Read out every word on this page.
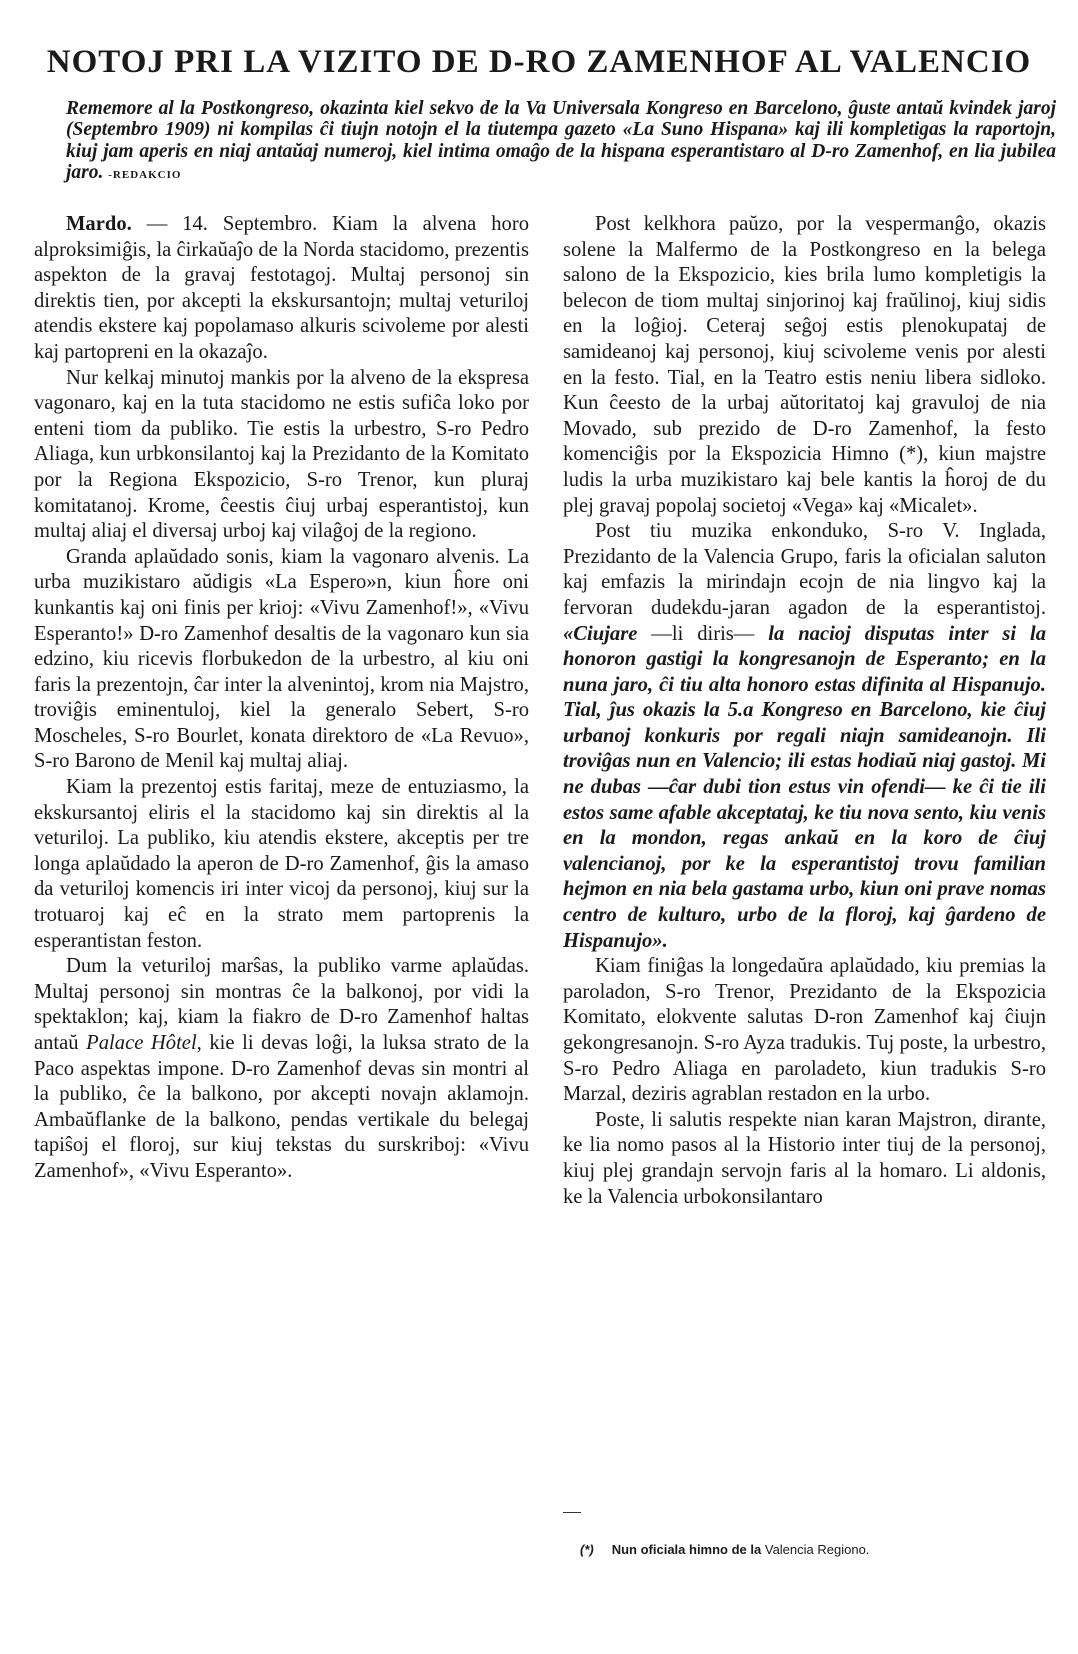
NOTOJ PRI LA VIZITO DE D-RO ZAMENHOF AL VALENCIO
Rememore al la Postkongreso, okazinta kiel sekvo de la Va Universala Kongreso en Barcelono, ĝuste antaŭ kvindek jaroj (Septembro 1909) ni kompilas ĉi tiujn notojn el la tiutempa gazeto «La Suno Hispana» kaj ili kompletigas la raportojn, kiuj jam aperis en niaj antaŭaj numeroj, kiel intima omaĝo de la hispana esperantistaro al D-ro Zamenhof, en lia jubilea jaro. -REDAKCIO

Mardo. — 14. Septembro. Kiam la alvena horo alproksimiĝis, la ĉirkaŭaĵo de la Norda stacidomo, prezentis aspekton de la gravaj festotagoj. Multaj personoj sin direktis tien, por akcepti la ekskursantojn; multaj veturiloj atendis ekstere kaj popolamaso alkuris scivoleme por alesti kaj partopreni en la okazaĵo.

Nur kelkaj minutoj mankis por la alveno de la ekspresa vagonaro, kaj en la tuta stacidomo ne estis sufiĉa loko por enteni tiom da publiko. Tie estis la urbestro, S-ro Pedro Aliaga, kun urbkonsilantoj kaj la Prezidanto de la Komitato por la Regiona Ekspozicio, S-ro Trenor, kun pluraj komitatanoj. Krome, ĉeestis ĉiuj urbaj esperantistoj, kun multaj aliaj el diversaj urboj kaj vilaĝoj de la regiono.

Granda aplaŭdado sonis, kiam la vagonaro alvenis. La urba muzikistaro aŭdigis «La Espero»n, kiun ĥore oni kunkantis kaj oni finis per krioj: «Vivu Zamenhof!», «Vivu Esperanto!» D-ro Zamenhof desaltis de la vagonaro kun sia edzino, kiu ricevis florbukedon de la urbestro, al kiu oni faris la prezentojn, ĉar inter la alvenintoj, krom nia Majstro, troviĝis eminentuloj, kiel la generalo Sebert, S-ro Moscheles, S-ro Bourlet, konata direktoro de «La Revuo», S-ro Barono de Menil kaj multaj aliaj.

Kiam la prezentoj estis faritaj, meze de entuziasmo, la ekskursantoj eliris el la stacidomo kaj sin direktis al la veturiloj. La publiko, kiu atendis ekstere, akceptis per tre longa aplaŭdado la aperon de D-ro Zamenhof, ĝis la amaso da veturiloj komencis iri inter vicoj da personoj, kiuj sur la trotuaroj kaj eĉ en la strato mem partoprenis la esperantistan feston.

Dum la veturiloj marŝas, la publiko varme aplaŭdas. Multaj personoj sin montras ĉe la balkonoj, por vidi la spektaklon; kaj, kiam la fiakro de D-ro Zamenhof haltas antaŭ Palace Hôtel, kie li devas loĝi, la luksa strato de la Paco aspektas impone. D-ro Zamenhof devas sin montri al la publiko, ĉe la balkono, por akcepti novajn aklamojn. Ambaŭflanke de la balkono, pendas vertikale du belegaj tapiŝoj el floroj, sur kiuj tekstas du surskriboj: «Vivu Zamenhof», «Vivu Esperanto».

Post kelkhora paŭzo, por la vespermanĝo, okazis solene la Malfermo de la Postkongreso en la belega salono de la Ekspozicio, kies brila lumo kompletigis la belecon de tiom multaj sinjorinoj kaj fraŭlinoj, kiuj sidis en la loĝioj. Ceteraj seĝoj estis plenokupataj de samideanoj kaj personoj, kiuj scivoleme venis por alesti en la festo. Tial, en la Teatro estis neniu libera sidloko. Kun ĉeesto de la urbaj aŭtoritatoj kaj gravuloj de nia Movado, sub prezido de D-ro Zamenhof, la festo komenciĝis por la Ekspozicia Himno (*), kiun majstre ludis la urba muzikistaro kaj bele kantis la ĥoroj de du plej gravaj popolaj societoj «Vega» kaj «Micalet».

Post tiu muzika enkonduko, S-ro V. Inglada, Prezidanto de la Valencia Grupo, faris la oficialan saluton kaj emfazis la mirindajn ecojn de nia lingvo kaj la fervoran dudekdu-jaran agadon de la esperantistoj. «Ciujare —li diris— la nacioj disputas inter si la honoron gastigi la kongresanojn de Esperanto; en la nuna jaro, ĉi tiu alta honoro estas difinita al Hispanujo. Tial, ĵus okazis la 5.a Kongreso en Barcelono, kie ĉiuj urbanoj konkuris por regali niajn samideanojn. Ili troviĝas nun en Valencio; ili estas hodiaŭ niaj gastoj. Mi ne dubas —ĉar dubi tion estus vin ofendi— ke ĉi tie ili estos same afable akceptataj, ke tiu nova sento, kiu venis en la mondon, regas ankaŭ en la koro de ĉiuj valencianoj, por ke la esperantistoj trovu familian hejmon en nia bela gastama urbo, kiun oni prave nomas centro de kulturo, urbo de la floroj, kaj ĝardeno de Hispanujo».

Kiam finiĝas la longedaŭra aplaŭdado, kiu premias la paroladon, S-ro Trenor, Prezidanto de la Ekspozicia Komitato, elokvente salutas D-ron Zamenhof kaj ĉiujn gekongresanojn. S-ro Ayza tradukis. Tuj poste, la urbestro, S-ro Pedro Aliaga en paroladeto, kiun tradukis S-ro Marzal, deziris agrablan restadon en la urbo.

Poste, li salutis respekte nian karan Majstron, dirante, ke lia nomo pasos al la Historio inter tiuj de la personoj, kiuj plej grandajn servojn faris al la homaro. Li aldonis, ke la Valencia urbokonsilantaro

(*) Nun oficiala himno de la Valencia Regiono.
